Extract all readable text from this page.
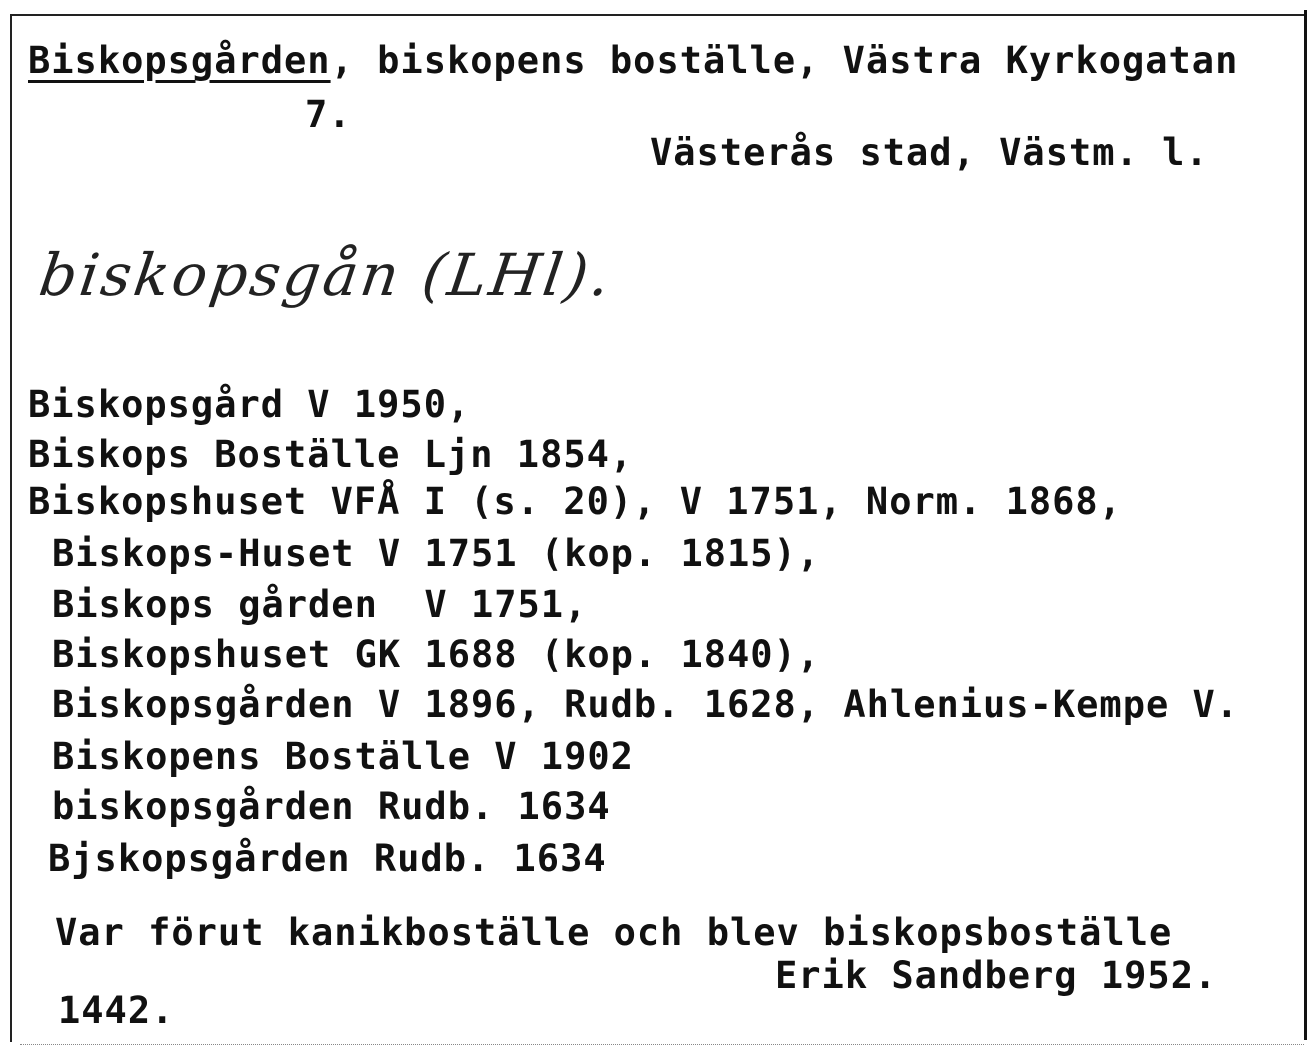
Biskopsgården, biskopens boställe, Västra Kyrkogatan
7.
Västerås stad, Västm. l.
biskopsgån (LHl).
Biskopsgård V 1950,
Biskops Boställe Ljn 1854,
Biskopshuset VFÅ I (s. 20), V 1751, Norm. 1868,
Biskops-Huset V 1751 (kop. 1815),
Biskops gården  V 1751,
Biskopshuset GK 1688 (kop. 1840),
Biskopsgården V 1896, Rudb. 1628, Ahlenius-Kempe V.
Biskopens Boställe V 1902
biskopsgården Rudb. 1634
Bjskopsgården Rudb. 1634
Var förut kanikboställe och blev biskopsboställe
1442.
Erik Sandberg 1952.
